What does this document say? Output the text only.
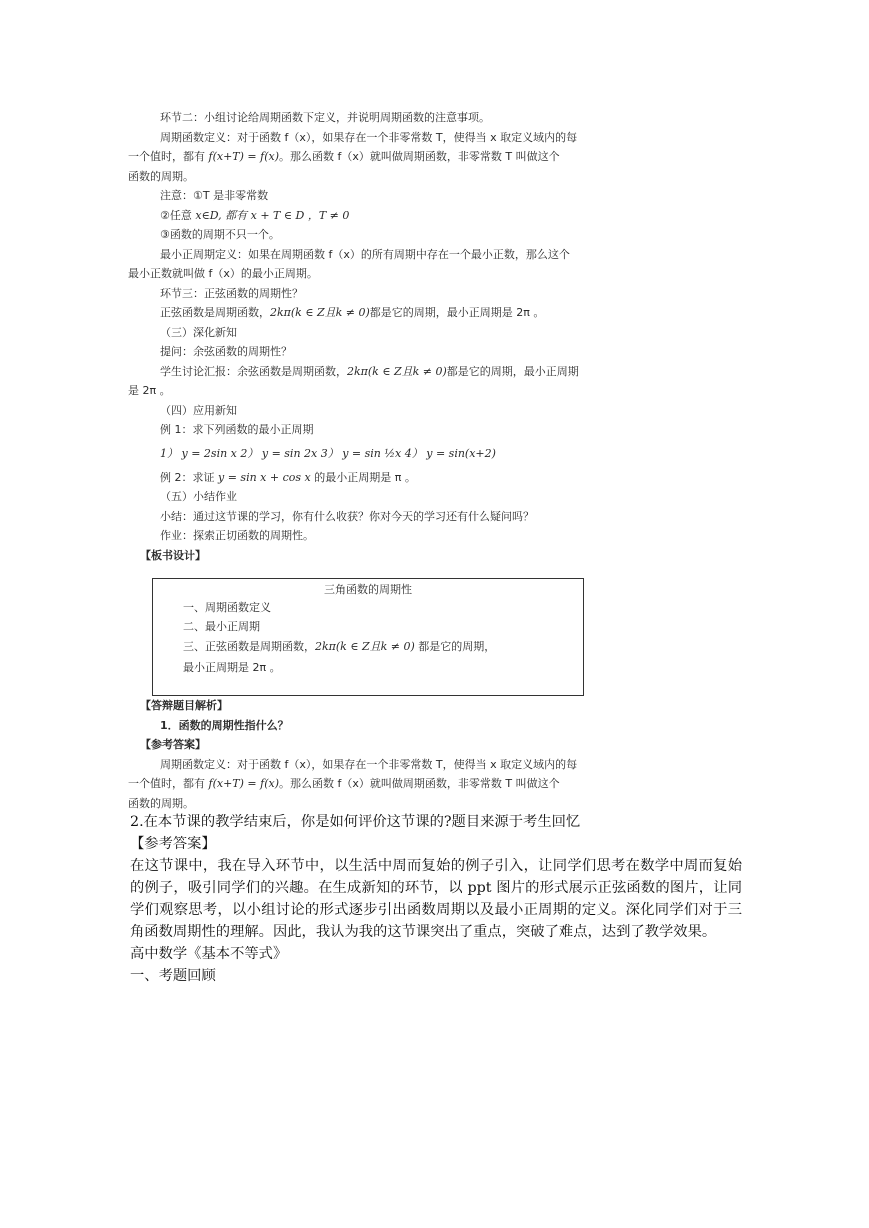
环节二：小组讨论给周期函数下定义，并说明周期函数的注意事项。
周期函数定义：对于函数 f（x），如果存在一个非零常数 T，使得当 x 取定义域内的每
一个值时，都有 f(x+T) = f(x)。那么函数 f（x）就叫做周期函数，非零常数 T 叫做这个
函数的周期。
注意：①T 是非零常数
②任意 x∈D, 都有 x + T ∈ D ，T ≠ 0
③函数的周期不只一个。
最小正周期定义：如果在周期函数 f（x）的所有周期中存在一个最小正数，那么这个
最小正数就叫做 f（x）的最小正周期。
环节三：正弦函数的周期性？
正弦函数是周期函数，2kπ(k ∈ Z且k ≠ 0)都是它的周期，最小正周期是 2π 。
（三）深化新知
提问：余弦函数的周期性？
学生讨论汇报：余弦函数是周期函数，2kπ(k ∈ Z且k ≠ 0)都是它的周期，最小正周期
是 2π 。
（四）应用新知
例 1：求下列函数的最小正周期
1） y = 2sin x 2） y = sin 2x 3） y = sin ½x 4） y = sin(x+2)
例 2：求证 y = sin x + cos x 的最小正周期是 π 。
（五）小结作业
小结：通过这节课的学习，你有什么收获？你对今天的学习还有什么疑问吗？
作业：探索正切函数的周期性。
【板书设计】
三角函数的周期性
一、周期函数定义
二、最小正周期
三、正弦函数是周期函数，2kπ(k ∈ Z且k ≠ 0) 都是它的周期，
最小正周期是 2π 。
【答辩题目解析】
1．函数的周期性指什么？
【参考答案】
周期函数定义：对于函数 f（x），如果存在一个非零常数 T，使得当 x 取定义域内的每
一个值时，都有 f(x+T) = f(x)。那么函数 f（x）就叫做周期函数，非零常数 T 叫做这个
函数的周期。

2.在本节课的教学结束后，你是如何评价这节课的?题目来源于考生回忆

【参考答案】

在这节课中，我在导入环节中，以生活中周而复始的例子引入，让同学们思考在数学中周而复始的例子，吸引同学们的兴趣。在生成新知的环节，以 ppt 图片的形式展示正弦函数的图片，让同学们观察思考，以小组讨论的形式逐步引出函数周期以及最小正周期的定义。深化同学们对于三角函数周期性的理解。因此，我认为我的这节课突出了重点，突破了难点，达到了教学效果。

高中数学《基本不等式》

一、考题回顾
